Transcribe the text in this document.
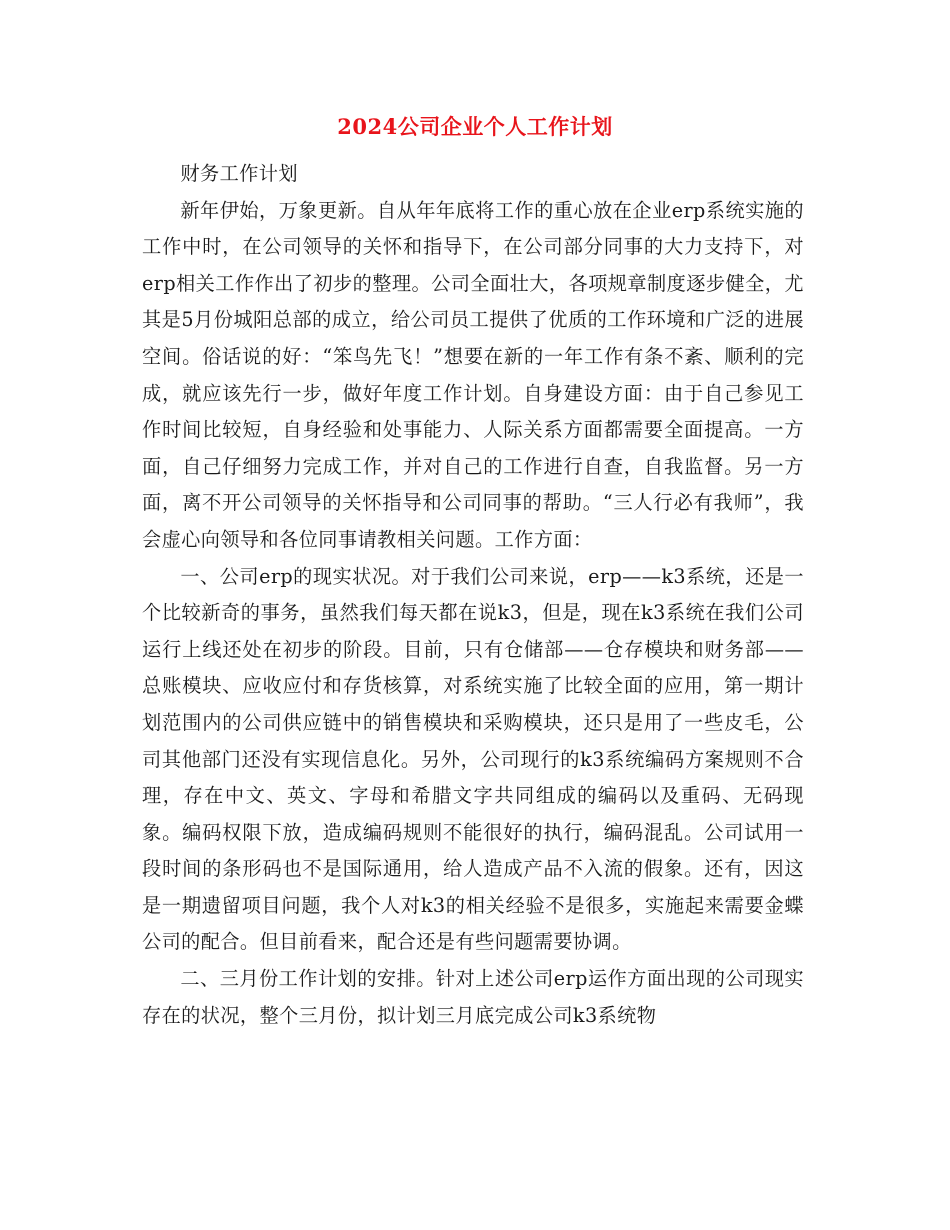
2024公司企业个人工作计划

财务工作计划

新年伊始，万象更新。自从年年底将工作的重心放在企业erp系统实施的工作中时，在公司领导的关怀和指导下，在公司部分同事的大力支持下，对erp相关工作作出了初步的整理。公司全面壮大，各项规章制度逐步健全，尤其是5月份城阳总部的成立，给公司员工提供了优质的工作环境和广泛的进展空间。俗话说的好：“笨鸟先飞！”想要在新的一年工作有条不紊、顺利的完成，就应该先行一步，做好年度工作计划。自身建设方面：由于自己参见工作时间比较短，自身经验和处事能力、人际关系方面都需要全面提高。一方面，自己仔细努力完成工作，并对自己的工作进行自查，自我监督。另一方面，离不开公司领导的关怀指导和公司同事的帮助。“三人行必有我师”，我会虚心向领导和各位同事请教相关问题。工作方面：

一、公司erp的现实状况。对于我们公司来说，erp——k3系统，还是一个比较新奇的事务，虽然我们每天都在说k3，但是，现在k3系统在我们公司运行上线还处在初步的阶段。目前，只有仓储部——仓存模块和财务部——总账模块、应收应付和存货核算，对系统实施了比较全面的应用，第一期计划范围内的公司供应链中的销售模块和采购模块，还只是用了一些皮毛，公司其他部门还没有实现信息化。另外，公司现行的k3系统编码方案规则不合理，存在中文、英文、字母和希腊文字共同组成的编码以及重码、无码现象。编码权限下放，造成编码规则不能很好的执行，编码混乱。公司试用一段时间的条形码也不是国际通用，给人造成产品不入流的假象。还有，因这是一期遗留项目问题，我个人对k3的相关经验不是很多，实施起来需要金蝶公司的配合。但目前看来，配合还是有些问题需要协调。

二、三月份工作计划的安排。针对上述公司erp运作方面出现的公司现实存在的状况，整个三月份，拟计划三月底完成公司k3系统物
